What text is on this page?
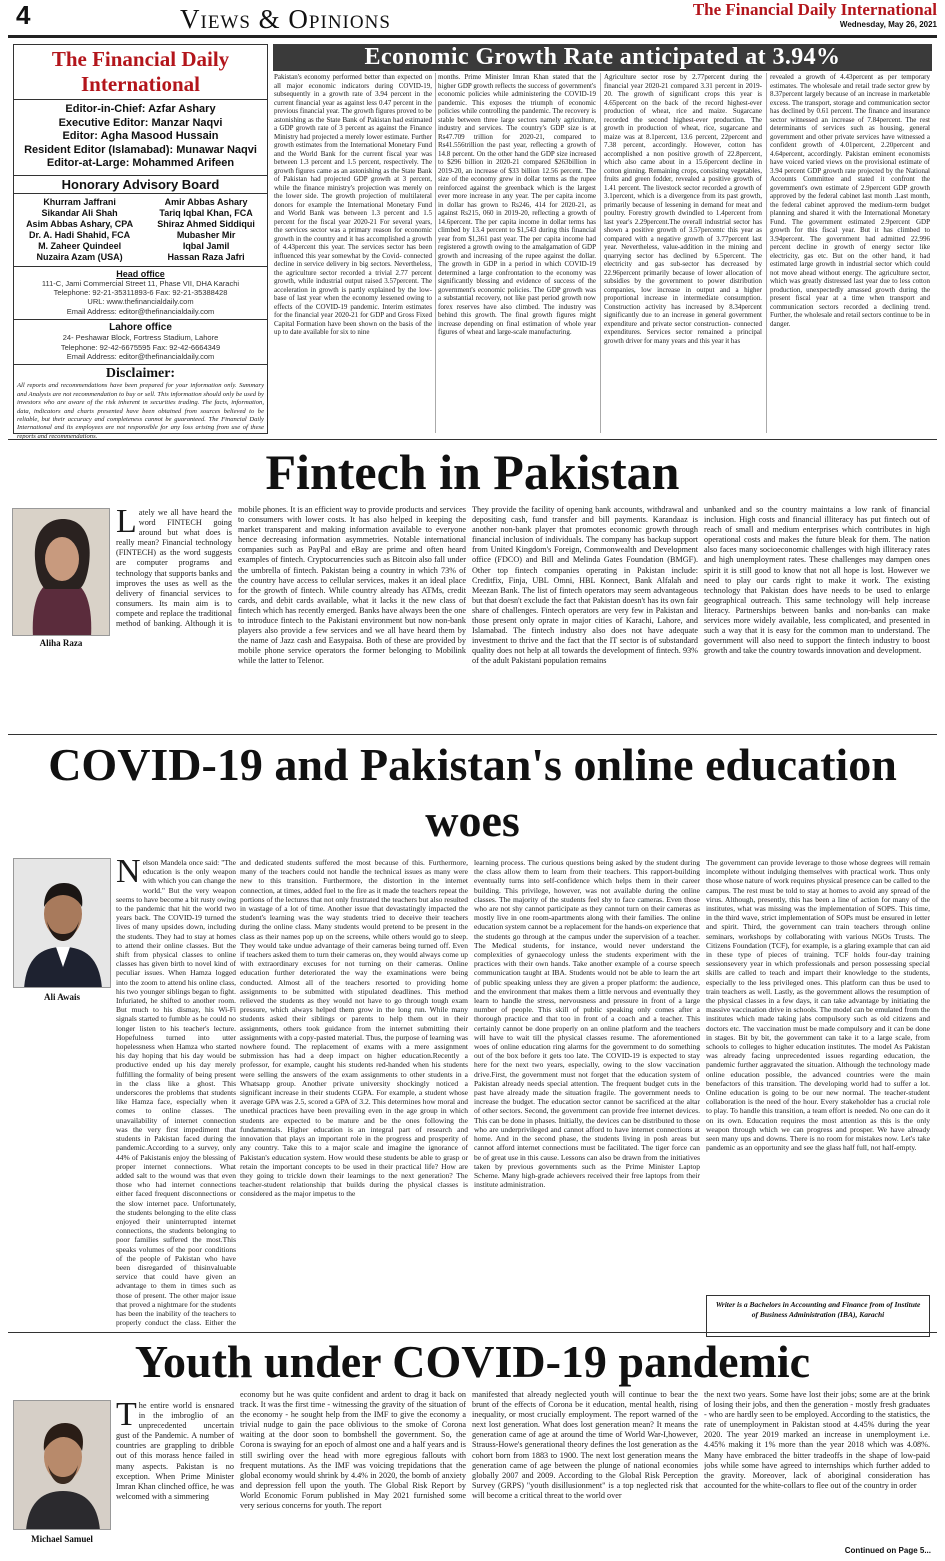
4	Views & Opinions	The Financial Daily International
Wednesday, May 26, 2021
The Financial Daily International
Editor-in-Chief: Azfar Ashary
Executive Editor: Manzar Naqvi
Editor: Agha Masood Hussain
Resident Editor (Islamabad): Munawar Naqvi
Editor-at-Large: Mohammed Arifeen
Honorary Advisory Board
Khurram Jaffrani
Sikandar Ali Shah
Asim Abbas Ashary, CPA
Dr. A. Hadi Shahid, FCA
M. Zaheer Quindeel
Nuzaira Azam (USA)
Amir Abbas Ashary
Tariq Iqbal Khan, FCA
Shiraz Ahmed Siddiqui
Mubasher Mir
Iqbal Jamil
Hassan Raza Jafri
Head office
111-C, Jami Commercial Street 11, Phase VII, DHA Karachi
Telephone: 92-21-35311893-6 Fax: 92-21-35388428
URL: www.thefinancialdaily.com
Email Address: editor@thefinancialdaily.com
Lahore office
24- Peshawar Block, Fortress Stadium, Lahore
Telephone: 92-42-6675595 Fax: 92-42-6664349
Email Address: editor@thefinancialdaily.com
Disclaimer:
All reports and recommendations have been prepared for your information only. Summary and Analysis are not recommendation to buy or sell. This information should only be used by investors who are aware of the risk inherent in securities trading. The facts, information, data, indicators and charts presented have been obtained from sources believed to be reliable, but their accuracy and completeness cannot be guaranteed. The Financial Daily International and its employees are not responsible for any loss arising from use of these reports and recommendations.
Economic Growth Rate anticipated at 3.94%
Pakistan's economy performed better than expected on all major economic indicators during COVID-19, subsequently in a growth rate of 3.94 percent in the current financial year as against less 0.47 percent in the previous financial year. The growth figures proved to be astonishing as the State Bank of Pakistan had estimated a GDP growth rate of 3 percent as against the Finance Ministry had projected a merely lower estimate. Further growth estimates from the International Monetary Fund and the World Bank for the current fiscal year was between 1.3 percent and 1.5 percent, respectively. The growth figures came as an astonishing as the State Bank of Pakistan had projected GDP growth at 3 percent, while the finance ministry's projection was merely on the lower side. The growth projection of multilateral donors for example the International Monetary Fund and World Bank was between 1.3 percent and 1.5 percent for the fiscal year 2020-21 For several years, the services sector was a primary reason for economic growth in the country and it has accomplished a growth of 4.43percent this year. The services sector has been influenced this year somewhat by the Covid- connected decline in service delivery in big sectors. Nevertheless, the agriculture sector recorded a trivial 2.77 percent growth, while industrial output raised 3.57percent. The acceleration in growth is partly explained by the low-base of last year when the economy lessened owing to effects of the COVID-19 pandemic. Interim estimates for the financial year 2020-21 for GDP and Gross Fixed Capital Formation have been shown on the basis of the up to date available for six to nine
months. Prime Minister Imran Khan stated that the higher GDP growth reflects the success of government's economic policies while administering the COVID-19 pandemic. This exposes the triumph of economic policies while controlling the pandemic. The recovery is stable between three large sectors namely agriculture, industry and services. The country's GDP size is at Rs47.709 trillion for 2020-21, compared to Rs41.556trillion the past year, reflecting a growth of 14.8 percent. On the other hand the GDP size increased to $296 billion in 2020-21 compared $263billion in 2019-20, an increase of $33 billion 12.56 percent. The size of the economy grew in dollar terms as the rupee reinforced against the greenback which is the largest ever more increase in any year. The per capita income in dollar has grown to Rs246, 414 for 2020-21, as against Rs215, 060 in 2019-20, reflecting a growth of 14.6percent. The per capita income in dollar terms has climbed by 13.4 percent to $1,543 during this financial year from $1,361 past year. The per capita income had registered a growth owing to the amalgamation of GDP growth and increasing of the rupee against the dollar. The growth in GDP in a period in which COVID-19 determined a large confrontation to the economy was significantly blessing and evidence of success of the government's economic policies. The GDP growth was a substantial recovery, not like past period growth now forex reserves have also climbed. The industry was behind this growth. The final growth figures might increase depending on final estimation of whole year figures of wheat and large-scale manufacturing.
Agriculture sector rose by 2.77percent during the financial year 2020-21 compared 3.31 percent in 2019-20. The growth of significant crops this year is 4.65percent on the back of the record highest-ever production of wheat, rice and maize. Sugarcane recorded the second highest-ever production. The growth in production of wheat, rice, sugarcane and maize was at 8.1percent, 13.6 percent, 22percent and 7.38 percent, accordingly. However, cotton has accomplished a non positive growth of 22.8percent, which also came about in a 15.6percent decline in cotton ginning. Remaining crops, consisting vegetables, fruits and green fodder, revealed a positive growth of 1.41 percent. The livestock sector recorded a growth of 3.1percent, which is a divergence from its past growth, primarily because of lessening in demand for meat and poultry. Forestry growth dwindled to 1.4percent from last year's 2.29percent.The overall industrial sector has shown a positive growth of 3.57percentc this year as compared with a negative growth of 3.77percent last year. Nevertheless, value-addition in the mining and quarrying sector has declined by 6.5percent. The electricity and gas sub-sector has decreased by 22.96percent primarily because of lower allocation of subsidies by the government to power distribution companies, low increase in output and a higher proportional increase in intermediate consumption. Construction activity has increased by 8.34percent significantly due to an increase in general government expenditure and private sector construction- connected expenditures. Services sector remained a principal growth driver for many years and this year it has
revealed a growth of 4.43percent as per temporary estimates. The wholesale and retail trade sector grew by 8.37percent largely because of an increase in marketable excess. The transport, storage and communication sector has declined by 0.61 percent. The finance and insurance sector witnessed an increase of 7.84percent. The rest determinants of services such as housing, general government and other private services have witnessed a confident growth of 4.01percent, 2.20percent and 4.64percent, accordingly. Pakistan eminent economists have voiced varied views on the provisional estimate of 3.94 percent GDP growth rate projected by the National Accounts Committee and stated it confront the government's own estimate of 2.9percent GDP growth approved by the federal cabinet last month .Last month, the federal cabinet approved the medium-term budget planning and shared it with the International Monetary Fund. The government estimated 2.9percent GDP growth for this fiscal year. But it has climbed to 3.94percent. The government had admitted 22.996 percent decline in growth of energy sector like electricity, gas etc. But on the other hand, it had estimated large growth in industrial sector which could not move ahead without energy. The agriculture sector, which was greatly distressed last year due to less cotton production, unexpectedly amassed growth during the present fiscal year at a time when transport and communication sectors recorded a declining trend. Further, the wholesale and retail sectors continue to be in danger.
Fintech in Pakistan
Aliha Raza
Lately we all have heard the word FINTECH going around but what does is really mean? Financial technology (FINTECH) as the word suggests are computer programs and technology that supports banks and improves the uses as well as the delivery of financial services to consumers. Its main aim is to compete and replace the traditional method of banking. Although it is
mobile phones. It is an efficient way to provide products and services to consumers with lower costs. It has also helped in keeping the market transparent and making information available to everyone hence decreasing information asymmetries. Notable international companies such as PayPal and eBay are prime and often heard examples of fintech. Cryptocurrencies such as Bitcoin also fall under the umbrella of fintech. Pakistan being a country in which 73% of the country have access to cellular services, makes it an ideal place for the growth of fintech. While country already has ATMs, credit cards, and debit cards available, what it lacks it the new class of fintech which has recently emerged. Banks have always been the one to introduce fintech to the Pakistani environment but now non-bank players also provide a few services and we all have heard them by the name of Jazz cash and Easypaisa. Both of these are provided by mobile phone service operators the former belonging to Mobilink while the latter to Telenor.
They provide the facility of opening bank accounts, withdrawal and depositing cash, fund transfer and bill payments. Karandaaz is another non-bank player that promotes economic growth through financial inclusion of individuals. The company has backup support from United Kingdom's Foreign, Commonwealth and Development office (FDCO) and Bill and Melinda Gates Foundation (BMGF). Other top fintech companies operating in Pakistan include: Creditfix, Finja, UBL Omni, HBL Konnect, Bank Alfalah and Meezan Bank. The list of fintech operators may seem advantageous but that doesn't exclude the fact that Pakistan doesn't has its own fair share of challenges. Fintech operators are very few in Pakistan and those present only oprate in major cities of Karachi, Lahore, and Islamabad. The fintech industry also does not have adequate investment to thrive and the fact that the IT sector is of substandard quality does not help at all towards the development of fintech. 93% of the adult Pakistani population remains
unbanked and so the country maintains a low rank of financial inclusion. High costs and financial illiteracy has put fintech out of reach of small and medium enterprises which contributes in high operational costs and makes the future bleak for them. The nation also faces many socioeconomic challenges with high illiteracy rates and high unemployment rates. These challenges may dampen ones spirit it is still good to know that not all hope is lost. However we need to play our cards right to make it work. The existing technology that Pakistan does have needs to be used to enlarge geographical outreach. This same technology will help increase literacy. Partnerships between banks and non-banks can make services more widely available, less complicated, and presented in such a way that it is easy for the common man to understand. The government will also need to support the fintech industry to boost growth and take the country towards innovation and development.
COVID-19 and Pakistan's online education woes
Ali Awais
Nelson Mandela once said: "The education is the only weapon with which you can change the world." But the very weapon seems to have become a bit rusty owing to the pandemic that hit the world two years back. The COVID-19 turned the lives of many upsides down, including the students. They had to stay at homes to attend their online classes. But the shift from physical classes to online classes has given birth to novel kind of peculiar issues. When Hamza logged into the zoom to attend his online class, his two younger siblings began to fight. Infuriated, he shifted to another room. But much to his dismay, his Wi-Fi signals started to fumble as he could no longer listen to his teacher's lecture. Hopefulness turned into utter hopelessness when Hamza who started his day hoping that his day would be productive ended up his day merely fulfilling the formality of being present in the class like a ghost. This underscores the problems that students like Hamza face, especially when it comes to online classes. The unavailability of internet connection was the very first impediment that students in Pakistan faced during the pandemic.According to a survey, only 44% of Pakistanis enjoy the blessing of proper internet connections. What added salt to the wound was that even those who had internet connections either faced frequent disconnections or the slow internet pace. Unfortunately, the students belonging to the elite class enjoyed their uninterrupted internet connections, the students belonging to poor families suffered the most.This speaks volumes of the poor conditions of the people of Pakistan who have been disregarded of thisinvaluable service that could have given an advantage to them in times such as those of present. The other major issue that proved a nightmare for the students has been the inability of the teachers to properly conduct the class. Either the
and dedicated students suffered the most because of this. Furthermore, many of the teachers could not handle the technical issues as many were new to this transition. Furthermore, the distortion in the internet connection, at times, added fuel to the fire as it made the teachers repeat the portions of the lectures that not only frustrated the teachers but also resulted in wastage of a lot of time. Another issue that devastatingly impacted the student's learning was the way students tried to deceive their teachers during the online class. Many students would pretend to be present in the class as their names pop up on the screens, while others would go to sleep. They would take undue advantage of their cameras being turned off. Even if teachers asked them to turn their cameras on, they would always come up with extraordinary excuses for not turning on their cameras. Online education further deteriorated the way the examinations were being conducted. Almost all of the teachers resorted to providing home assignments to be submitted with stipulated deadlines. This method relieved the students as they would not have to go through tough exam pressure, which always helped them grow in the long run. While many students asked their siblings or parents to help them out in their assignments, others took guidance from the internet submitting their assignments with a copy-pasted material. Thus, the purpose of learning was nowhere found. The replacement of exams with a mere assignment submission has had a deep impact on higher education.Recently a professor, for example, caught his students red-handed when his students were selling the answers of the exam assignments to other students in a Whatsapp group. Another private university shockingly noticed a significant increase in their students CGPA. For example, a student whose average GPA was 2.5, scored a GPA of 3.2. This determines how moral and unethical practices have been prevailing even in the age group in which students are expected to be mature and be the ones following the fundamentals. Higher education is an integral part of research and innovation that plays an important role in the progress and prosperity of any country. Take this to a major scale and imagine the ignorance of Pakistan's education system. How would these students be able to grasp or retain the important concepts to be used in their practical life? How are they going to trickle down their learnings to the next generation? The teacher-student relationship that builds during the physical classes is considered as the major impetus to the
learning process. The curious questions being asked by the student during the class allow them to learn from their teachers. This rapport-building eventually turns into self-confidence which helps them in their career building. This privilege, however, was not available during the online classes. The majority of the students feel shy to face cameras. Even those who are not shy cannot participate as they cannot turn on their cameras as mostly live in one room-apartments along with their families. The online education system cannot be a replacement for the hands-on experience that the students go through at the campus under the supervision of a teacher. The Medical students, for instance, would never understand the complexities of gynaecology unless the students experiment with the practices with their own hands. Take another example of a course speech communication taught at IBA. Students would not be able to learn the art of public speaking unless they are given a proper platform: the audience, and the environment that makes them a little nervous and eventually they learn to handle the stress, nervousness and pressure in front of a large number of people. This skill of public speaking only comes after a thorough practice and that too in front of a coach and a teacher. This certainly cannot be done properly on an online platform and the teachers will have to wait till the physical classes resume. The aforementioned woes of online education ring alarms for the government to do something out of the box before it gets too late. The COVID-19 is expected to stay here for the next two years, especially, owing to the slow vaccination drive.First, the government must not forget that the education system of Pakistan already needs special attention. The frequent budget cuts in the past have already made the situation fragile. The government needs to increase the budget. The education sector cannot be sacrificed at the altar of other sectors. Second, the government can provide free internet devices. This can be done in phases. Initially, the devices can be distributed to those who are underprivileged and cannot afford to have internet connections at home. And in the second phase, the students living in posh areas but cannot afford internet connections must be facilitated. The tiger force can be of great use in this cause. Lessons can also be drawn from the initiatives taken by previous governments such as the Prime Minister Laptop Scheme. Many high-grade achievers received their free laptops from their institute administration.
The government can provide leverage to those whose degrees will remain incomplete without indulging themselves with practical work. Thus only those whose nature of work requires physical presence can be called to the campus. The rest must be told to stay at homes to avoid any spread of the virus. Although, presently, this has been a line of action for many of the institutes, what was missing was the implementation of SOPS. This time, in the third wave, strict implementation of SOPs must be ensured in letter and spirit. Third, the government can train teachers through online seminars, workshops by collaborating with various NGOs Trusts. The Citizens Foundation (TCF), for example, is a glaring example that can aid in these type of pieces of training. TCF holds four-day training sessionsevery year in which professionals and person possessing special skills are called to teach and impart their knowledge to the students, especially to the less privileged ones. This platform can thus be used to train teachers as well. Lastly, as the government allows the resumption of the physical classes in a few days, it can take advantage by initiating the massive vaccination drive in schools. The model can be emulated from the institutes which made taking jabs compulsory such as old citizens and doctors etc. The vaccination must be made compulsory and it can be done in stages. Bit by bit, the government can take it to a large scale, from schools to colleges to higher education institutes. The model As Pakistan was already facing unprecedented issues regarding education, the pandemic further aggravated the situation. Although the technology made online education possible, the advanced countries were the main benefactors of this transition. The developing world had to suffer a lot. Online education is going to be our new normal. The teacher-student collaboration is the need of the hour. Every stakeholder has a crucial role to play. To handle this transition, a team effort is needed. No one can do it on its own. Education requires the most attention as this is the only weapon through which we can progress and prosper. We have already seen many ups and downs. There is no room for mistakes now. Let's take pandemic as an opportunity and see the glass half full, not half-empty.
Writer is a Bachelors in Accounting and Finance from of Institute of Business Administration (IBA), Karachi
Youth under COVID-19 pandemic
Michael Samuel
The entire world is ensnared in the imbroglio of an unprecedented uncertain gust of the Pandemic. A number of countries are grappling to dribble out of this morass hence failed in many aspects. Pakistan is no exception. When Prime Minister Imran Khan clinched office, he was welcomed with a simmering
economy but he was quite confident and ardent to drag it back on track. It was the first time - witnessing the gravity of the situation of the economy - he sought help from the IMF to give the economy a trivial nudge to gain the pace oblivious to the smoke of Corona waiting at the door soon to bombshell the government. So, the Corona is swaying for an epoch of almost one and a half years and is still swirling over the head with more egregious fallouts with frequent mutations. As the IMF was voicing trepidations that the global economy would shrink by 4.4% in 2020, the bomb of anxiety and depression fell upon the youth. The Global Risk Report by World Economic Forum published in May 2021 furnished some very serious concerns for youth. The report
manifested that already neglected youth will continue to bear the brunt of the effects of Corona be it education, mental health, rising inequality, or most crucially employment. The report warned of the next lost generation. What does lost generation mean? It means the generation came of age at around the time of World War-I,however, Strauss-Howe's generational theory defines the lost generation as the cohort born from 1883 to 1900. The next lost generation means the generation came of age between the plunge of national economies globally 2007 and 2009. According to the Global Risk Perception Survey (GRPS) "youth disillusionment" is a top neglected risk that will become a critical threat to the world over
the next two years. Some have lost their jobs; some are at the brink of losing their jobs, and then the generation - mostly fresh graduates - who are hardly seen to be employed. According to the statistics, the rate of unemployment in Pakistan stood at 4.45% during the year 2020. The year 2019 marked an increase in unemployment i.e. 4.45% making it 1% more than the year 2018 which was 4.08%. Many have embraced the bitter tradeoffs in the shape of low-paid jobs while some have agreed to internships which further added to the gravity. Moreover, lack of aboriginal consideration has accounted for the white-collars to flee out of the country in order
Continued on Page 5...
